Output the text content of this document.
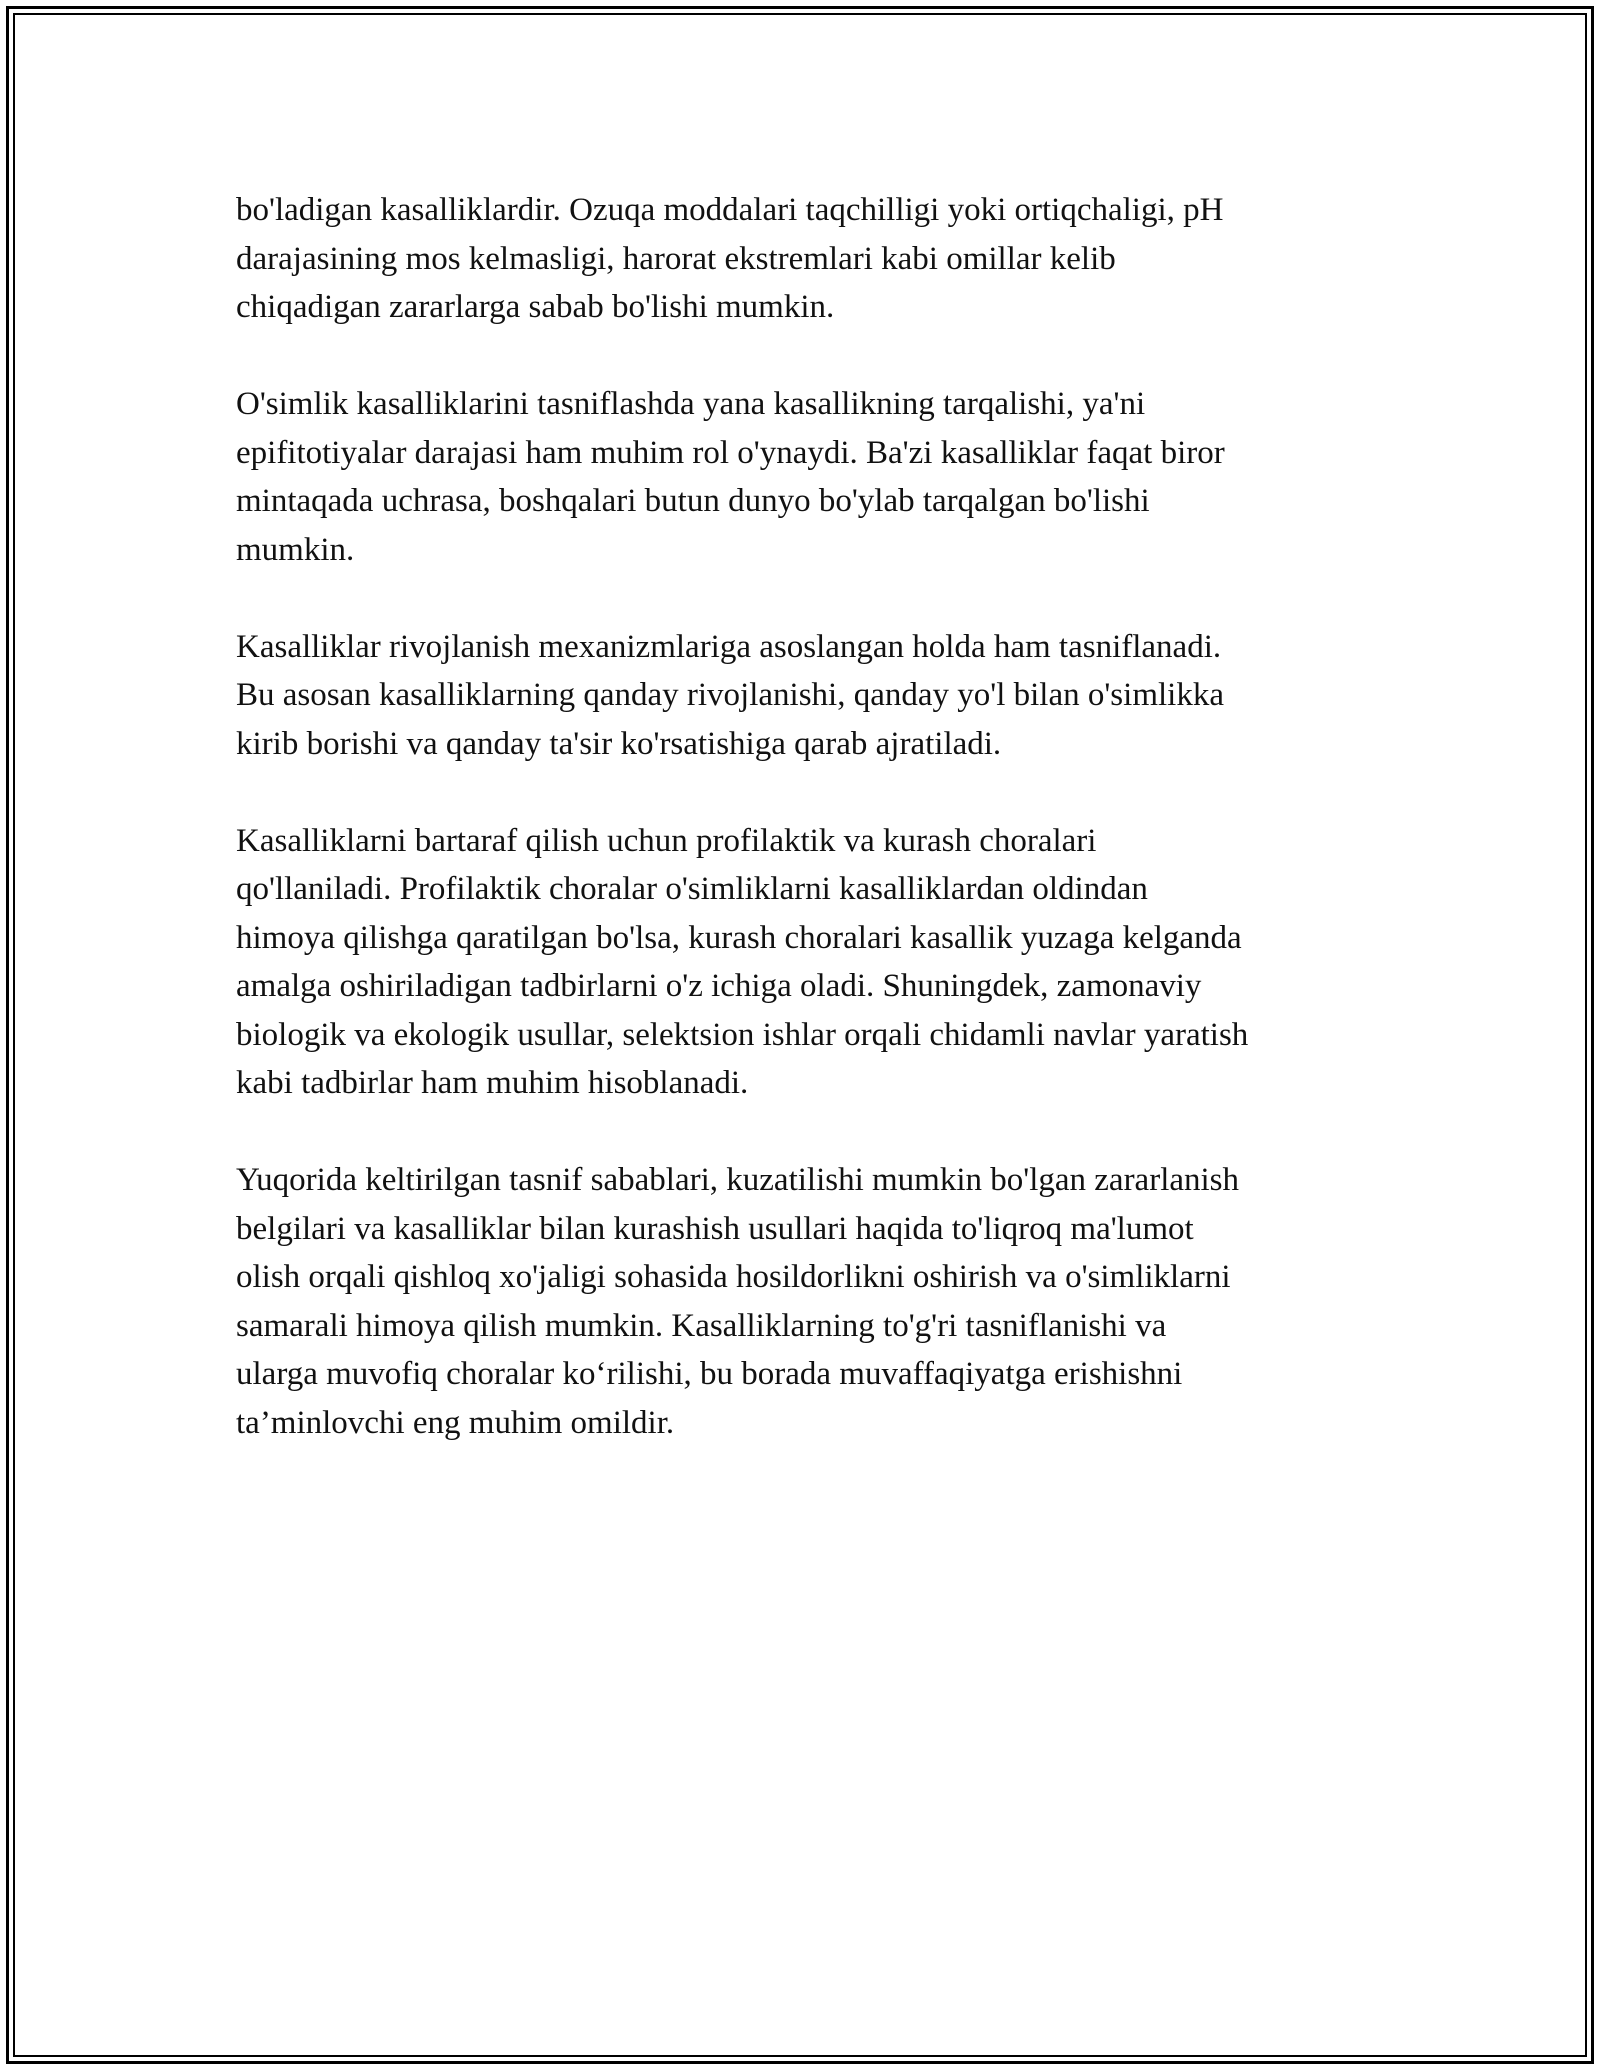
bo'ladigan kasalliklardir. Ozuqa moddalari taqchilligi yoki ortiqchaligi, pH
darajasining mos kelmasligi, harorat ekstremlari kabi omillar kelib
chiqadigan zararlarga sabab bo'lishi mumkin.

O'simlik kasalliklarini tasniflashda yana kasallikning tarqalishi, ya'ni
epifitotiyalar darajasi ham muhim rol o'ynaydi. Ba'zi kasalliklar faqat biror
mintaqada uchrasa, boshqalari butun dunyo bo'ylab tarqalgan bo'lishi
mumkin.

Kasalliklar rivojlanish mexanizmlariga asoslangan holda ham tasniflanadi.
Bu asosan kasalliklarning qanday rivojlanishi, qanday yo'l bilan o'simlikka
kirib borishi va qanday ta'sir ko'rsatishiga qarab ajratiladi.

Kasalliklarni bartaraf qilish uchun profilaktik va kurash choralari
qo'llaniladi. Profilaktik choralar o'simliklarni kasalliklardan oldindan
himoya qilishga qaratilgan bo'lsa, kurash choralari kasallik yuzaga kelganda
amalga oshiriladigan tadbirlarni o'z ichiga oladi. Shuningdek, zamonaviy
biologik va ekologik usullar, selektsion ishlar orqali chidamli navlar yaratish
kabi tadbirlar ham muhim hisoblanadi.

Yuqorida keltirilgan tasnif sabablari, kuzatilishi mumkin bo'lgan zararlanish
belgilari va kasalliklar bilan kurashish usullari haqida to'liqroq ma'lumot
olish orqali qishloq xo'jaligi sohasida hosildorlikni oshirish va o'simliklarni
samarali himoya qilish mumkin. Kasalliklarning to'g'ri tasniflanishi va
ularga muvofiq choralar ko‘rilishi, bu borada muvaffaqiyatga erishishni
ta’minlovchi eng muhim omildir.
